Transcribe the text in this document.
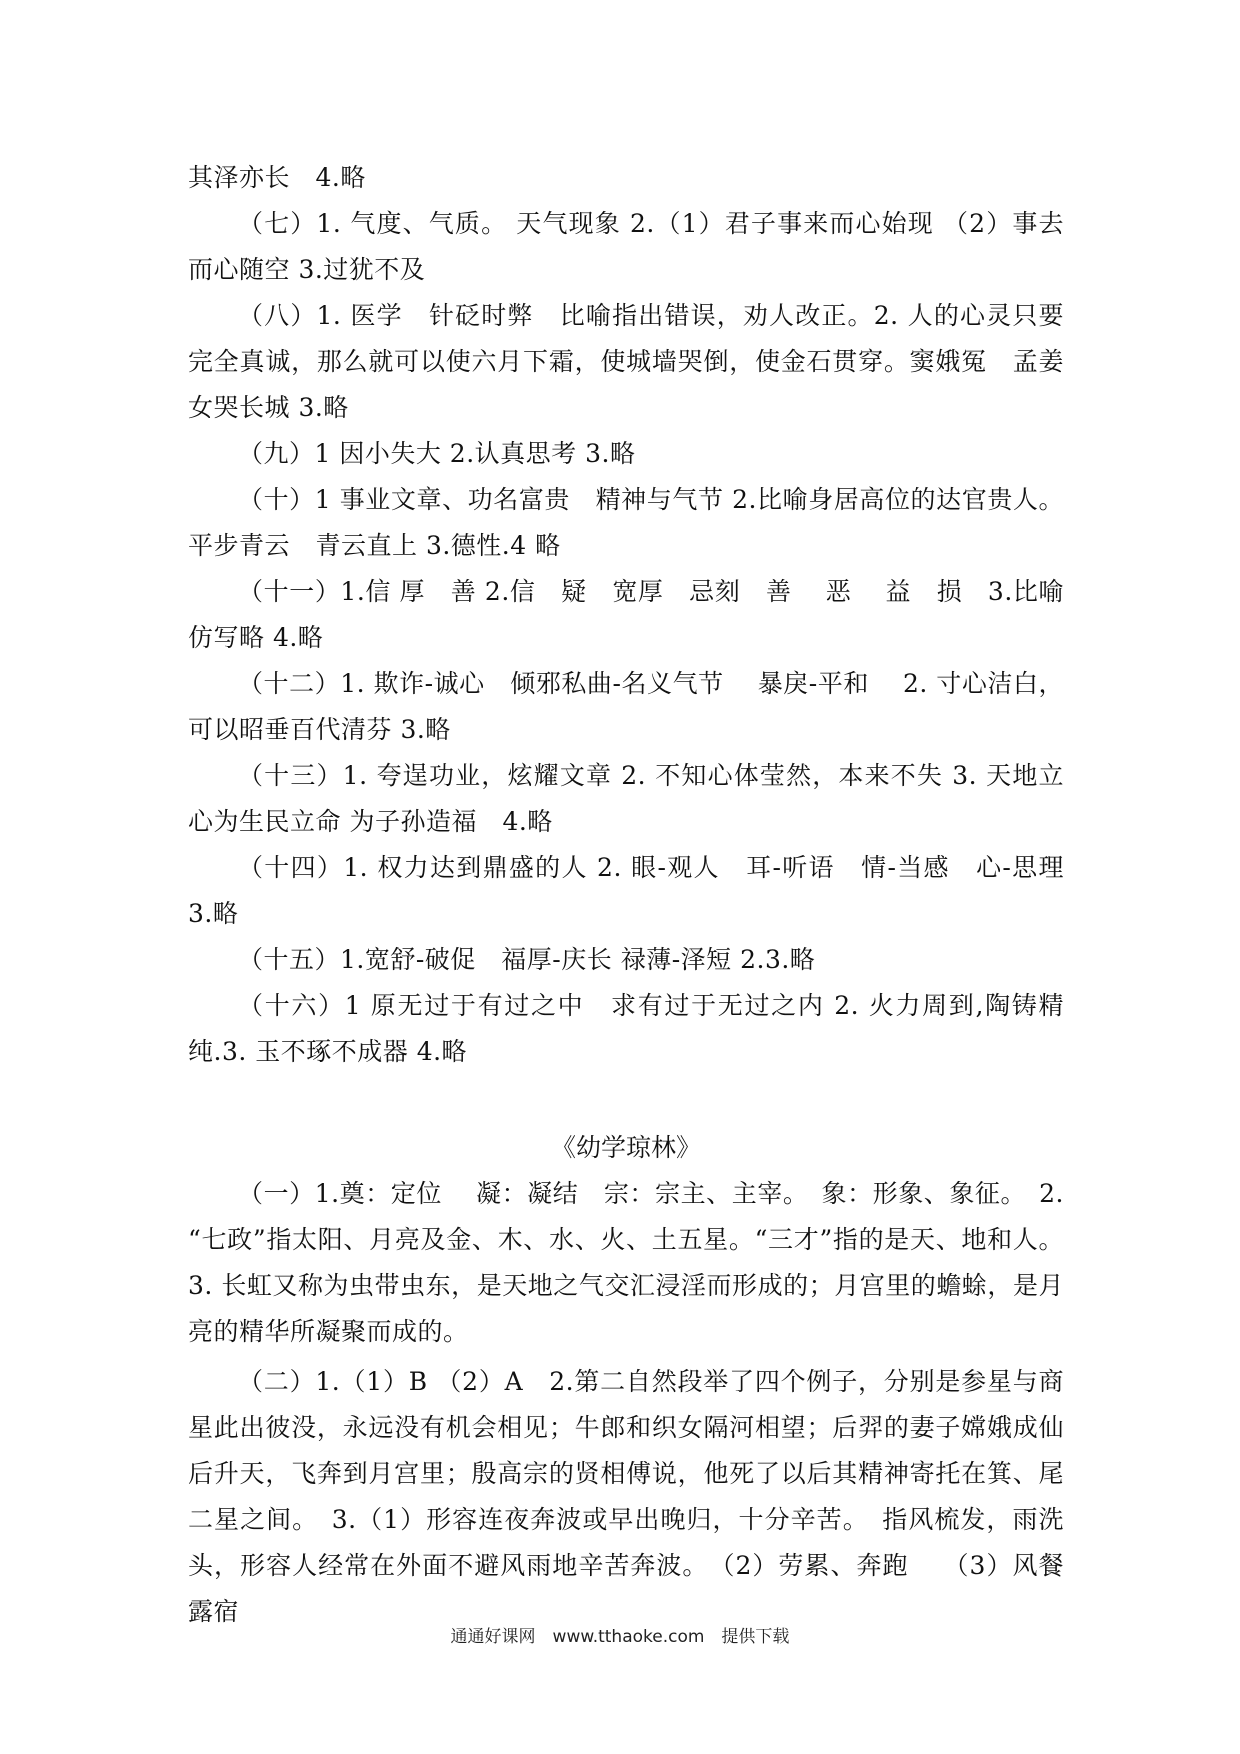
其泽亦长　4.略

（七）1. 气度、气质。 天气现象 2.（1）君子事来而心始现 （2）事去而心随空 3.过犹不及

（八）1. 医学　针砭时弊　比喻指出错误，劝人改正。2. 人的心灵只要完全真诚，那么就可以使六月下霜，使城墙哭倒，使金石贯穿。窦娥冤　孟姜女哭长城 3.略

（九）1 因小失大 2.认真思考 3.略

（十）1 事业文章、功名富贵　精神与气节 2.比喻身居高位的达官贵人。平步青云　青云直上 3.德性.4 略

（十一）1.信 厚　善 2.信　疑　宽厚　忌刻　善　 恶　 益　损　3.比喻仿写略 4.略

（十二）1. 欺诈-诚心　倾邪私曲-名义气节　 暴戾-平和　 2. 寸心洁白，可以昭垂百代清芬 3.略

（十三）1. 夸逞功业，炫耀文章 2. 不知心体莹然，本来不失 3. 天地立心为生民立命 为子孙造福　4.略

（十四）1. 权力达到鼎盛的人 2. 眼-观人　耳-听语　情-当感　心-思理 3.略

（十五）1.宽舒-破促　福厚-庆长 禄薄-泽短 2.3.略

（十六）1 原无过于有过之中　求有过于无过之内 2. 火力周到,陶铸精纯.3. 玉不琢不成器 4.略

《幼学琼林》

（一）1.奠：定位　 凝：凝结　宗：宗主、主宰。　象：形象、象征。　2. “七政”指太阳、月亮及金、木、水、火、土五星。“三才”指的是天、地和人。3. 长虹又称为虫带虫东，是天地之气交汇浸淫而形成的；月宫里的蟾蜍，是月亮的精华所凝聚而成的。

（二）1.（1）B （2）A　2.第二自然段举了四个例子，分别是参星与商星此出彼没，永远没有机会相见；牛郎和织女隔河相望；后羿的妻子嫦娥成仙后升天，飞奔到月宫里；殷高宗的贤相傅说，他死了以后其精神寄托在箕、尾二星之间。　3.（1）形容连夜奔波或早出晚归，十分辛苦。　指风梳发，雨洗头，形容人经常在外面不避风雨地辛苦奔波。　（2）劳累、奔跑　 （3）风餐露宿

通通好课网　www.tthaoke.com　提供下载
